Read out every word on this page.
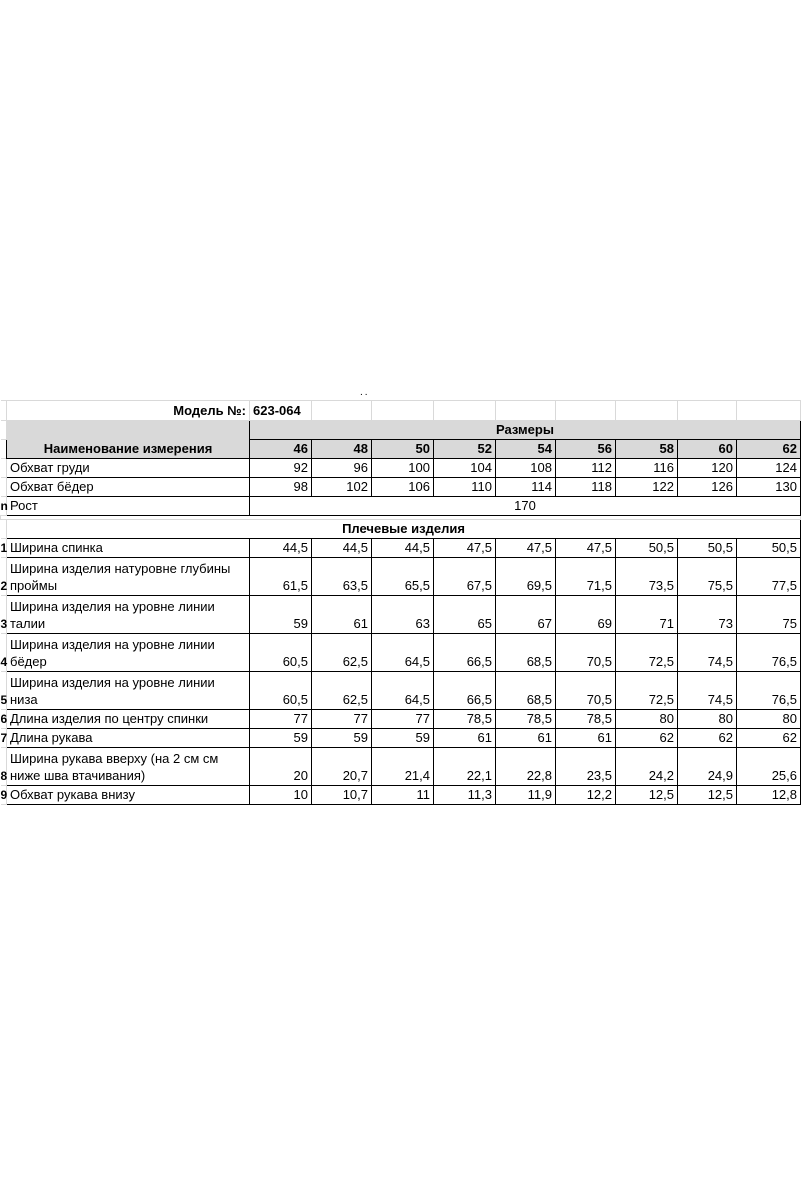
..
	Модель №:	623-064								
	Наименование измерения	Размеры								
		46	48	50	52	54	56	58	60	62
	Обхват груди	92	96	100	104	108	112	116	120	124
	Обхват бёдер	98	102	106	110	114	118	122	126	130
n	Рост	170								

	Плечевые изделия									
1	Ширина спинка	44,5	44,5	44,5	47,5	47,5	47,5	50,5	50,5	50,5
2	Ширина изделия натуровне глубины проймы	61,5	63,5	65,5	67,5	69,5	71,5	73,5	75,5	77,5
3	Ширина изделия на уровне линии талии	59	61	63	65	67	69	71	73	75
4	Ширина изделия на уровне линии бёдер	60,5	62,5	64,5	66,5	68,5	70,5	72,5	74,5	76,5
5	Ширина изделия на уровне линии низа	60,5	62,5	64,5	66,5	68,5	70,5	72,5	74,5	76,5
6	Длина изделия по центру спинки	77	77	77	78,5	78,5	78,5	80	80	80
7	Длина рукава	59	59	59	61	61	61	62	62	62
8	Ширина рукава вверху (на 2 см см ниже шва втачивания)	20	20,7	21,4	22,1	22,8	23,5	24,2	24,9	25,6
9	Обхват рукава внизу	10	10,7	11	11,3	11,9	12,2	12,5	12,5	12,8
